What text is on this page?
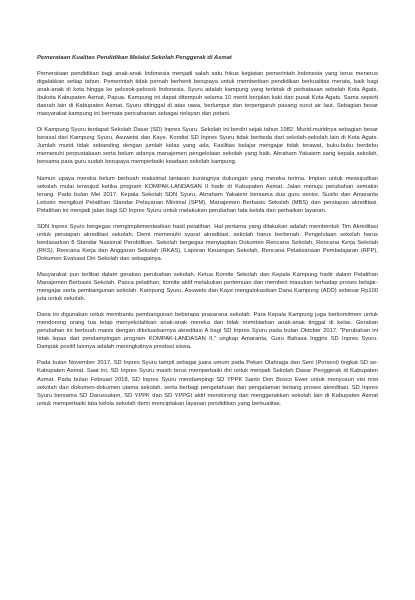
Pemerataan Kualitas Pendidikan Melalui Sekolah Penggerak di Asmat

Pemerataan pendidikan bagi anak-anak Indonesia menjadi salah satu fokus kegiatan pemerintah Indonesia yang terus menerus digalakkan setiap tahun. Pemerintah tidak pernah berhenti berupaya untuk memberikan pendidikan berkualitas merata, baik bagi anak-anak di kota hingga ke pelosok-pelosok Indonesia. Syuru adalah kampung yang terletak di perbatasan sebelah Kota Agats, Ibukota Kabupaten Asmat, Papua. Kampung ini dapat ditempuh selama 10 menit berjalan kaki dari pusat Kota Agats. Sama seperti daerah lain di Kabupaten Asmat, Syuru ditinggal di atas rawa, berlumpur dan terpengaruh pasang surut air laut. Sebagian besar masyarakat kampung ini bermata pencaharian sebagai nelayan dan petani.

Di Kampung Syuru terdapat Sekolah Dasar (SD) Inpres Syuru. Sekolah ini berdiri sejak tahun 1982. Murid-muridnya sebagian besar berasal dari Kampung Syuru, Asuwetsi dan Kaye. Kondisi SD Inpres Syuru tidak berbeda dari sekolah-sekolah lain di Kota Agats. Jumlah murid tidak sebanding dengan jumlah kelas yang ada. Fasilitas belajar mengajar tidak terawat, buku-buku berdebu memenuhi perpustakaan serta belum adanya manajemen pengelolaan sekolah yang baik. Abraham Yakaiem sang kepala sekolah, bersama para guru sudah berupaya memperbaiki keadaan sekolah kampung.

Namun upaya mereka belum berbuah maksimal lantaran kurangnya dukungan yang mereka terima. Impian untuk mewujudkan sekolah mulai terwujud ketika program KOMPAK-LANDASAN II hadir di Kabupaten Asmat. Jalan menuju perubahan semakin terang. Pada bulan Mei 2017, Kepala Sekolah SDN Syuru, Abraham Yakaiem bersama dua guru senior, Susilo dan Amaranta Letsoin mengikuti Pelatihan Standar Pelayanan Minimal (SPM), Manajemen Berbasis Sekolah (MBS) dan persiapan akreditasi. Pelatihan ini menjadi jalan bagi SD Inpres Syuru untuk melakukan perubahan tata kelola dan perbaikan layanan.

SDN Inpres Syuru bergegas mengimplementasikan hasil pelatihan. Hal pertama yang dilakukan adalah membentuk Tim Akreditasi untuk persiapan akreditasi sekolah. Demi memenuhi syarat akreditasi, sekolah harus berbenah. Pengelolaan sekolah harus berdasarkan 8 Standar Nasional Pendidikan. Sekolah bergegas menyiapkan Dokumen Rencana Sekolah, Rencana Kerja Sekolah (RKS), Rencana Kerja dan Anggaran Sekolah (RKAS), Laporan Keuangan Sekolah, Rencana Pelaksanaan Pembelajaran (RPP), Dokumen Evaluasi Diri Sekolah dan sebagainya.

Masyarakat pun terlibat dalam gerakan perubahan sekolah. Ketua Komite Sekolah dan Kepala Kampung hadir dalam Pelatihan Manajemen Berbasis Sekolah. Pasca pelatihan, komite aktif melakukan pertemuan dan memberi masukan terhadap proses belajar-mengajar serta pembangunan sekolah. Kampung Syuru, Asuwets dan Kaye mengalokasikan Dana Kampung (ADD) sebesar Rp100 juta untuk sekolah.

Dana ini digunakan untuk membantu pembangunan beberapa prasarana sekolah. Para Kepala Kampung juga berkomitmen untuk mendorong orang tua tetap menyekolahkan anak-anak mereka dan tidak membiarkan anak-anak tinggal di kelas. Gerakan perubahan ini berbuah manis dengan dikeluarkannya akreditasi A bagi SD Inpres Syuru pada bulan Oktober 2017. "Perubahan ini tidak lepas dari pendampingan program KOMPAK-LANDASAN II," ungkap Amaranta, Guru Bahasa Inggris SD Inpres Syuru. Dampak positif lainnya adalah meningkatnya prestasi siswa.

Pada bulan November 2017, SD Inpres Syuru tampil sebagai juara umum pada Pekan Olahraga dan Seni (Porseni) tingkat SD se-Kabupaten Asmat. Saat ini, SD Inpres Syuru masih terus memperbaiki diri untuk menjadi Sekolah Dasar Penggerak di Kabupaten Asmat. Pada bulan Februari 2018, SD Inpres Syuru mendampingi SD YPPK Santo Don Bosco Ewer untuk menyusun visi misi sekolah dan dokumen-dokumen utama sekolah, serta berbagi pengetahuan dan pengalaman tentang proses akreditasi. SD Inpres Syuru bersama SD Darussalam, SD YPPK dan SD YPPGI aktif mendorong dan menggerakkan sekolah lain di Kabupaten Asmat untuk memperbaiki tata kelola sekolah demi menciptakan layanan pendidikan yang berkualitas.
